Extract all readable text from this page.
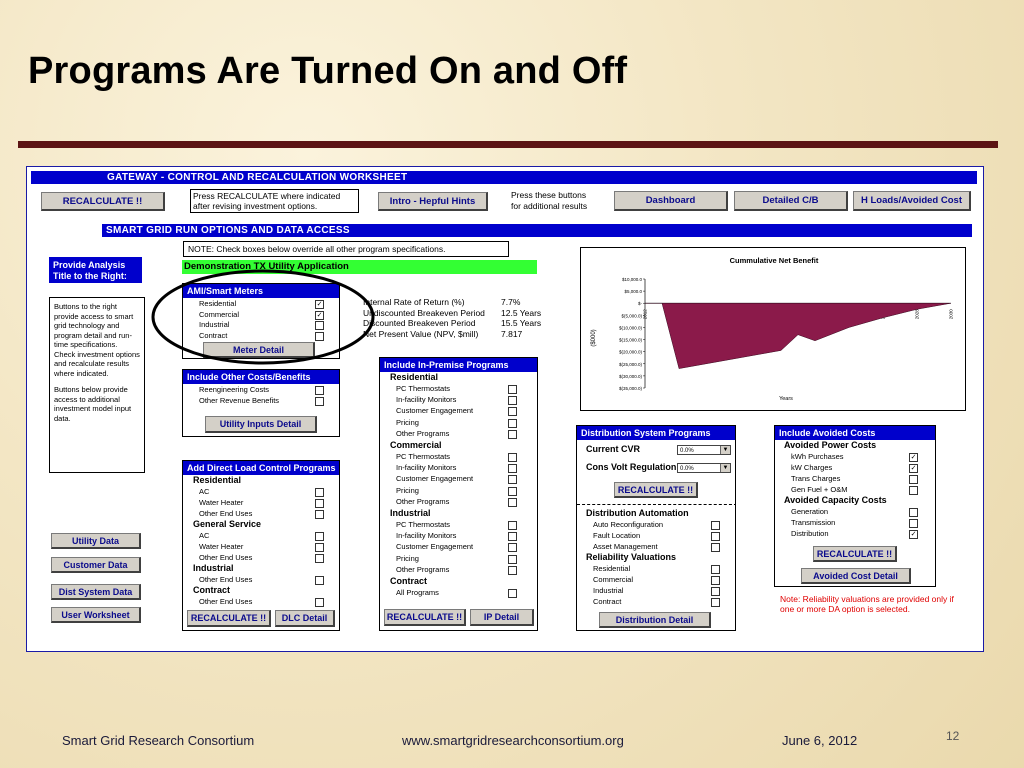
Programs Are Turned On and Off
GATEWAY - CONTROL AND RECALCULATION WORKSHEET
RECALCULATE !!	Press RECALCULATE where indicated
after revising investment options.	Intro - Hepful Hints
Press these buttons
for additional results	Dashboard	Detailed C/B	H Loads/Avoided Cost
SMART GRID RUN OPTIONS AND DATA ACCESS
Provide Analysis Title to the Right:

Buttons to the right provide access to smart grid technology and program detail and run-time specifications. Check investment options and recalculate results where indicated.

Buttons below provide access to additional investment model input data.

Utility Data
Customer Data
Dist System Data
User Worksheet
NOTE: Check boxes below override all other program specifications.
Demonstration TX Utility Application
AMI/Smart Meters
Residential	✓
Commercial	✓
Industrial
Contract
Meter Detail
Internal Rate of Return (%)	7.7%
Undiscounted Breakeven Period 12.5 Years
Discounted Breakeven Period	15.5 Years
Net Present Value (NPV, $mill)	7.817
Include Other Costs/Benefits
Reengineering Costs
Other Revenue Benefits
Utility Inputs Detail
Add Direct Load Control Programs
Residential
AC
Water Heater
Other End Uses
General Service
AC
Water Heater
Other End Uses
Industrial
Other End Uses
Contract
Other End Uses
RECALCULATE !!	DLC Detail
Include In-Premise Programs
Residential
PC Thermostats
In-facility Monitors
Customer Engagement
Pricing
Other Programs
Commercial
PC Thermostats
In-facility Monitors
Customer Engagement
Pricing
Other Programs
Industrial
PC Thermostats
In-facility Monitors
Customer Engagement
Pricing
Other Programs
Contract
All Programs
RECALCULATE !!	IP Detail
Cummulative Net Benefit
($000)
Years
$10,000.0
$5,000.0
$-
$(5,000.0)
$(10,000.0)
$(15,000.0)
$(20,000.0)
$(25,000.0)
$(30,000.0)
$(35,000.0)
2012	2028	2030
Distribution System Programs
Current CVR	0.0%	▼
Cons Volt Regulation 0.0%	▼
RECALCULATE !!
Distribution Automation
Auto Reconfiguration
Fault Location
Asset Management
Reliability Valuations
Residential
Commercial
Industrial
Contract
Distribution Detail
Include Avoided Costs
Avoided Power Costs
kWh Purchases	✓
kW Charges	✓
Trans Charges
Gen Fuel + O&M
Avoided Capacity Costs
Generation
Transmission
Distribution	✓
RECALCULATE !!
Avoided Cost Detail
Note: Reliability valuations are provided only if one or more DA option is selected.
Smart Grid Research Consortium	www.smartgridresearchconsortium.org	June 6, 2012	12
